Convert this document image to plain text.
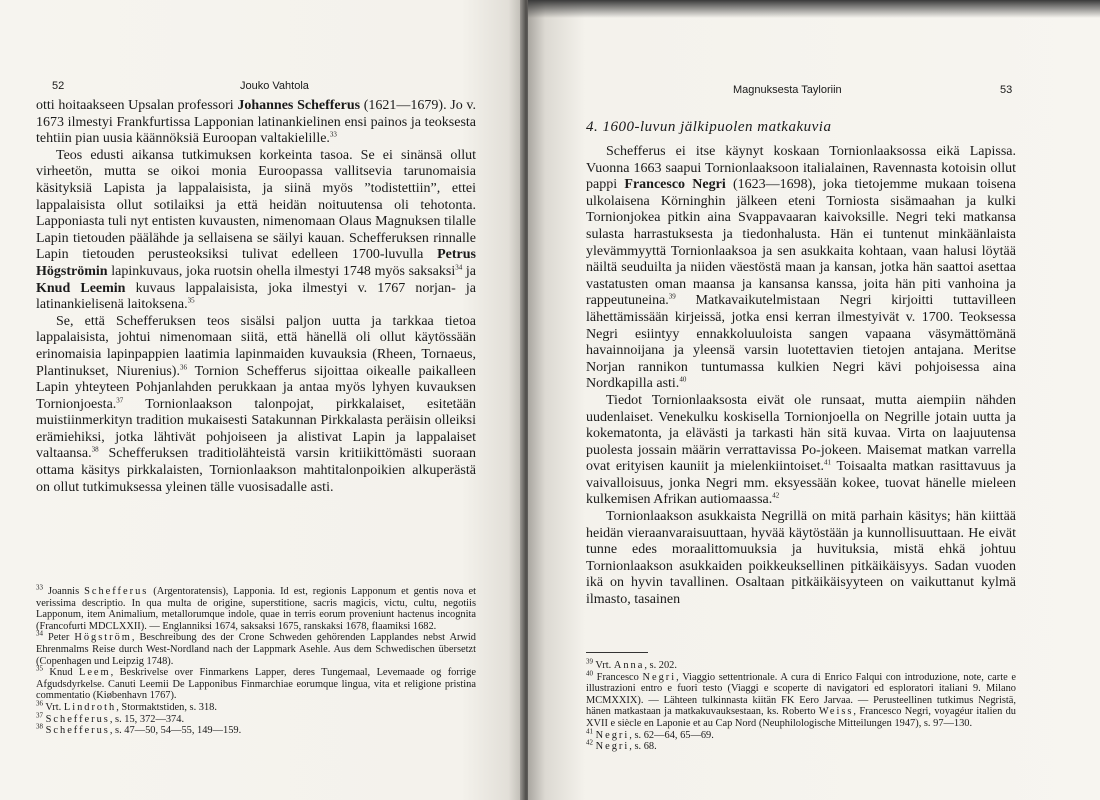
52	Jouko Vahtola

otti hoitaakseen Upsalan professori Johannes Schefferus (1621—1679). Jo v. 1673 ilmestyi Frankfurtissa Lapponian latinankielinen ensi painos ja teoksesta tehtiin pian uusia käännöksiä Euroopan valtakielille.$^{33}$

Teos edusti aikansa tutkimuksen korkeinta tasoa. Se ei sinänsä ollut virheetön, mutta se oikoi monia Euroopassa vallitsevia tarunomaisia käsityksiä Lapista ja lappalaisista, ja siinä myös ”todistettiin”, ettei lappalaisista ollut sotilaiksi ja että heidän noituutensa oli tehotonta. Lapponiasta tuli nyt entisten kuvausten, nimenomaan Olaus Magnuksen tilalle Lapin tietouden päälähde ja sellaisena se säilyi kauan. Schefferuksen rinnalle Lapin tietouden perusteoksiksi tulivat edelleen 1700-luvulla Petrus Högströmin lapinkuvaus, joka ruotsin ohella ilmestyi 1748 myös saksaksi$^{34}$ ja Knud Leemin kuvaus lappalaisista, joka ilmestyi v. 1767 norjan- ja latinankielisenä laitoksena.$^{35}$

Se, että Schefferuksen teos sisälsi paljon uutta ja tarkkaa tietoa lappalaisista, johtui nimenomaan siitä, että hänellä oli ollut käytössään erinomaisia lapinpappien laatimia lapinmaiden kuvauksia (Rheen, Tornaeus, Plantinukset, Niurenius).$^{36}$ Tornion Schefferus sijoittaa oikealle paikalleen Lapin yhteyteen Pohjanlahden perukkaan ja antaa myös lyhyen kuvauksen Tornionjoesta.$^{37}$ Tornionlaakson talonpojat, pirkkalaiset, esitetään muistiinmerkityn tradition mukaisesti Satakunnan Pirkkalasta peräisin olleiksi erämiehiksi, jotka lähtivät pohjoiseen ja alistivat Lapin ja lappalaiset valtaansa.$^{38}$ Schefferuksen traditiolähteistä varsin kritiikittömästi suoraan ottama käsitys pirkkalaisten, Tornionlaakson mahtitalonpoikien alkuperästä on ollut tutkimuksessa yleinen tälle vuosisadalle asti.

$^{33}$ Joannis Schefferus (Argentoratensis), Lapponia. Id est, regionis Lapponum et gentis nova et verissima descriptio. In qua multa de origine, superstitione, sacris magicis, victu, cultu, negotiis Lapponum, item Animalium, metallorumque indole, quae in terris eorum proveniunt hactenus incognita (Francofurti MDCLXXII). — Englanniksi 1674, saksaksi 1675, ranskaksi 1678, flaamiksi 1682.
$^{34}$ Peter Högström, Beschreibung des der Crone Schweden gehörenden Lapplandes nebst Arwid Ehrenmalms Reise durch West-Nordland nach der Lappmark Asehle. Aus dem Schwedischen übersetzt (Copenhagen und Leipzig 1748).
$^{35}$ Knud Leem, Beskrivelse over Finmarkens Lapper, deres Tungemaal, Levemaade og forrige Afgudsdyrkelse. Canuti Leemii De Lapponibus Finmarchiae eorumque lingua, vita et religione pristina commentatio (Kiøbenhavn 1767).
$^{36}$ Vrt. Lindroth, Stormaktstiden, s. 318.
$^{37}$ Schefferus, s. 15, 372—374.
$^{38}$ Schefferus, s. 47—50, 54—55, 149—159.
Magnuksesta Tayloriin	53
4. 1600-luvun jälkipuolen matkakuvia

Schefferus ei itse käynyt koskaan Tornionlaaksossa eikä Lapissa. Vuonna 1663 saapui Tornionlaaksoon italialainen, Ravennasta kotoisin ollut pappi Francesco Negri (1623—1698), joka tietojemme mukaan toisena ulkolaisena Körninghin jälkeen eteni Torniosta sisämaahan ja kulki Tornionjokea pitkin aina Svappavaaran kaivoksille. Negri teki matkansa sulasta harrastuksesta ja tiedonhalusta. Hän ei tuntenut minkäänlaista ylevämmyyttä Tornionlaaksoa ja sen asukkaita kohtaan, vaan halusi löytää näiltä seuduilta ja niiden väestöstä maan ja kansan, jotka hän saattoi asettaa vastatusten oman maansa ja kansansa kanssa, joita hän piti vanhoina ja rappeutuneina.$^{39}$ Matkavaikutelmistaan Negri kirjoitti tuttavilleen lähettämissään kirjeissä, jotka ensi kerran ilmestyivät v. 1700. Teoksessa Negri esiintyy ennakkoluuloista sangen vapaana väsymättömänä havainnoijana ja yleensä varsin luotettavien tietojen antajana. Meritse Norjan rannikon tuntumassa kulkien Negri kävi pohjoisessa aina Nordkapilla asti.$^{40}$

Tiedot Tornionlaaksosta eivät ole runsaat, mutta aiempiin nähden uudenlaiset. Venekulku koskisella Tornionjoella on Negrille jotain uutta ja kokematonta, ja elävästi ja tarkasti hän sitä kuvaa. Virta on laajuutensa puolesta jossain määrin verrattavissa Po-jokeen. Maisemat matkan varrella ovat erityisen kauniit ja mielenkiintoiset.$^{41}$ Toisaalta matkan rasittavuus ja vaivalloisuus, jonka Negri mm. eksyessään kokee, tuovat hänelle mieleen kulkemisen Afrikan autiomaassa.$^{42}$

Tornionlaakson asukkaista Negrillä on mitä parhain käsitys; hän kiittää heidän vieraanvaraisuuttaan, hyvää käytöstään ja kunnollisuuttaan. He eivät tunne edes moraalittomuuksia ja huvituksia, mistä ehkä johtuu Tornionlaakson asukkaiden poikkeuksellinen pitkäikäisyys. Sadan vuoden ikä on hyvin tavallinen. Osaltaan pitkäikäisyyteen on vaikuttanut kylmä ilmasto, tasainen

$^{39}$ Vrt. Anna, s. 202.
$^{40}$ Francesco Negri, Viaggio settentrionale. A cura di Enrico Falqui con introduzione, note, carte e illustrazioni entro e fuori testo (Viaggi e scoperte di navigatori ed esploratori italiani 9. Milano MCMXXIX). — Lähteen tulkinnasta kiitän FK Eero Jarvaa. — Perusteellinen tutkimus Negristä, hänen matkastaan ja matkakuvauksestaan, ks. Roberto Weiss, Francesco Negri, voyagéur italien du XVII e siècle en Laponie et au Cap Nord (Neuphilologische Mitteilungen 1947), s. 97—130.
$^{41}$ Negri, s. 62—64, 65—69.
$^{42}$ Negri, s. 68.
